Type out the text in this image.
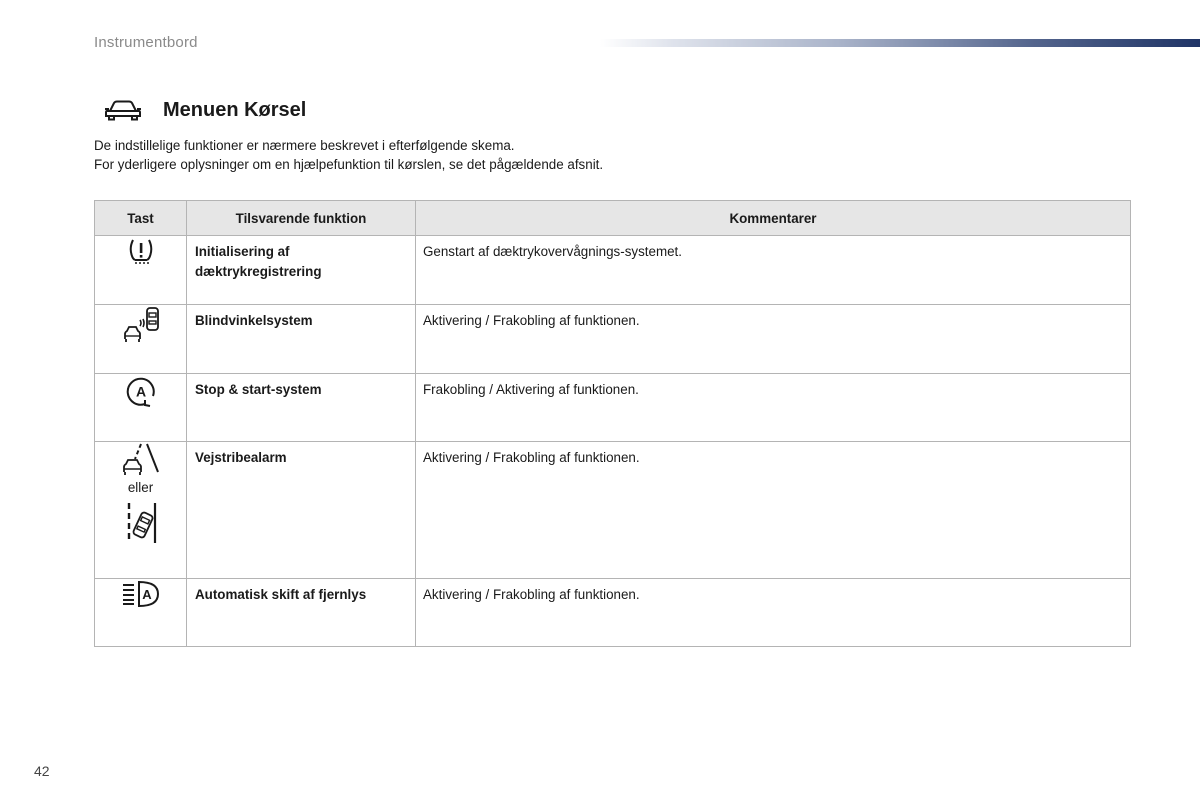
Instrumentbord
Menuen Kørsel

De indstillelige funktioner er nærmere beskrevet i efterfølgende skema.

For yderligere oplysninger om en hjælpefunktion til kørslen, se det pågældende afsnit.

Tast	Tilsvarende funktion	Kommentarer
	Initialisering af dæktrykregistrering	Genstart af dæktrykovervågnings-systemet.
	Blindvinkelsystem	Aktivering / Frakobling af funktionen.

A	Stop & start-system	Frakobling / Aktivering af funktionen.

eller	Vejstribealarm	Aktivering / Frakobling af funktionen.

A	Automatisk skift af fjernlys	Aktivering / Frakobling af funktionen.
42
